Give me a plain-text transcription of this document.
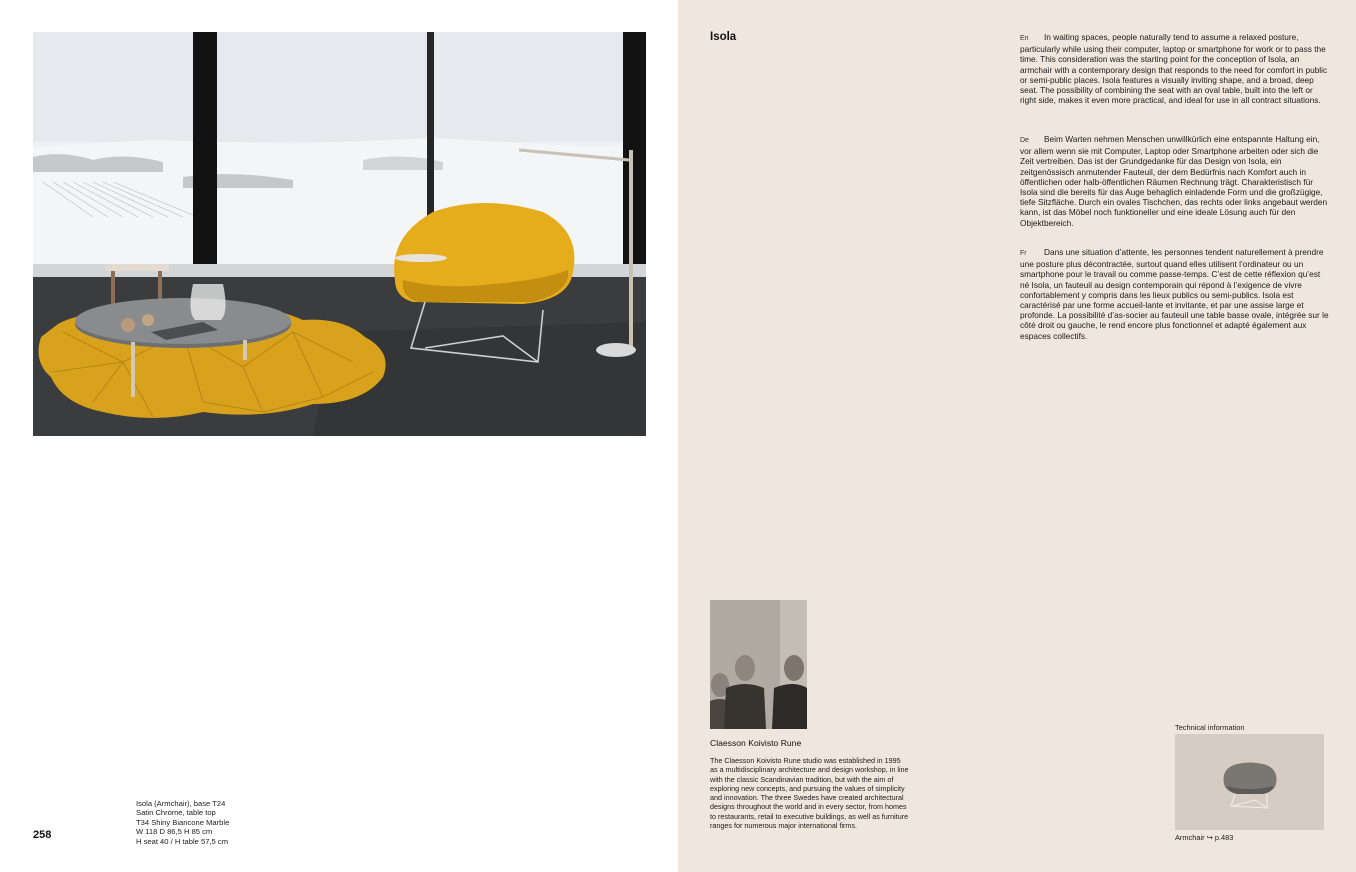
Isola (Armchair), base T24
Satin Chrome, table top
T34 Shiny Biancone Marble
W 118 D 86,5 H 85 cm
H seat 40 / H table 57,5 cm
258
Isola	En In waiting spaces, people naturally tend to assume a relaxed posture, particularly while using their computer, laptop or smartphone for work or to pass the time. This consideration was the starting point for the conception of Isola, an armchair with a contemporary design that responds to the need for comfort in public or semi-public places. Isola features a visually inviting shape, and a broad, deep seat. The possibility of combining the seat with an oval table, built into the left or right side, makes it even more practical, and ideal for use in all contract situations.
De Beim Warten nehmen Menschen unwillkürlich eine entspannte Haltung ein, vor allem wenn sie mit Computer, Laptop oder Smartphone arbeiten oder sich die Zeit vertreiben. Das ist der Grundgedanke für das Design von Isola, ein zeitgenössisch anmutender Fauteuil, der dem Bedürfnis nach Komfort auch in öffentlichen oder halb-öffentlichen Räumen Rechnung trägt. Charakteristisch für Isola sind die bereits für das Auge behaglich einladende Form und die großzügige, tiefe Sitzfläche. Durch ein ovales Tischchen, das rechts oder links angebaut werden kann, ist das Möbel noch funktioneller und eine ideale Lösung auch für den Objektbereich.
Fr Dans une situation d’attente, les personnes tendent naturellement à prendre une posture plus décontractée, surtout quand elles utilisent l’ordinateur ou un smartphone pour le travail ou comme passe-temps. C’est de cette réflexion qu’est né Isola, un fauteuil au design contemporain qui répond à l’exigence de vivre confortablement y compris dans les lieux publics ou semi-publics. Isola est caractérisé par une forme accueil-lante et invitante, et par une assise large et profonde. La possibilité d’as-socier au fauteuil une table basse ovale, intégrée sur le côté droit ou gauche, le rend encore plus fonctionnel et adapté également aux espaces collectifs.
Claesson Koivisto Rune
The Claesson Koivisto Rune studio was established in 1995 as a multidisciplinary architecture and design workshop, in line with the classic Scandinavian tradition, but with the aim of exploring new concepts, and pursuing the values of simplicity and innovation. The three Swedes have created architectural designs throughout the world and in every sector, from homes to restaurants, retail to executive buildings, as well as furniture ranges for numerous major international firms.
Technical information
Armchair ↪ p.483
